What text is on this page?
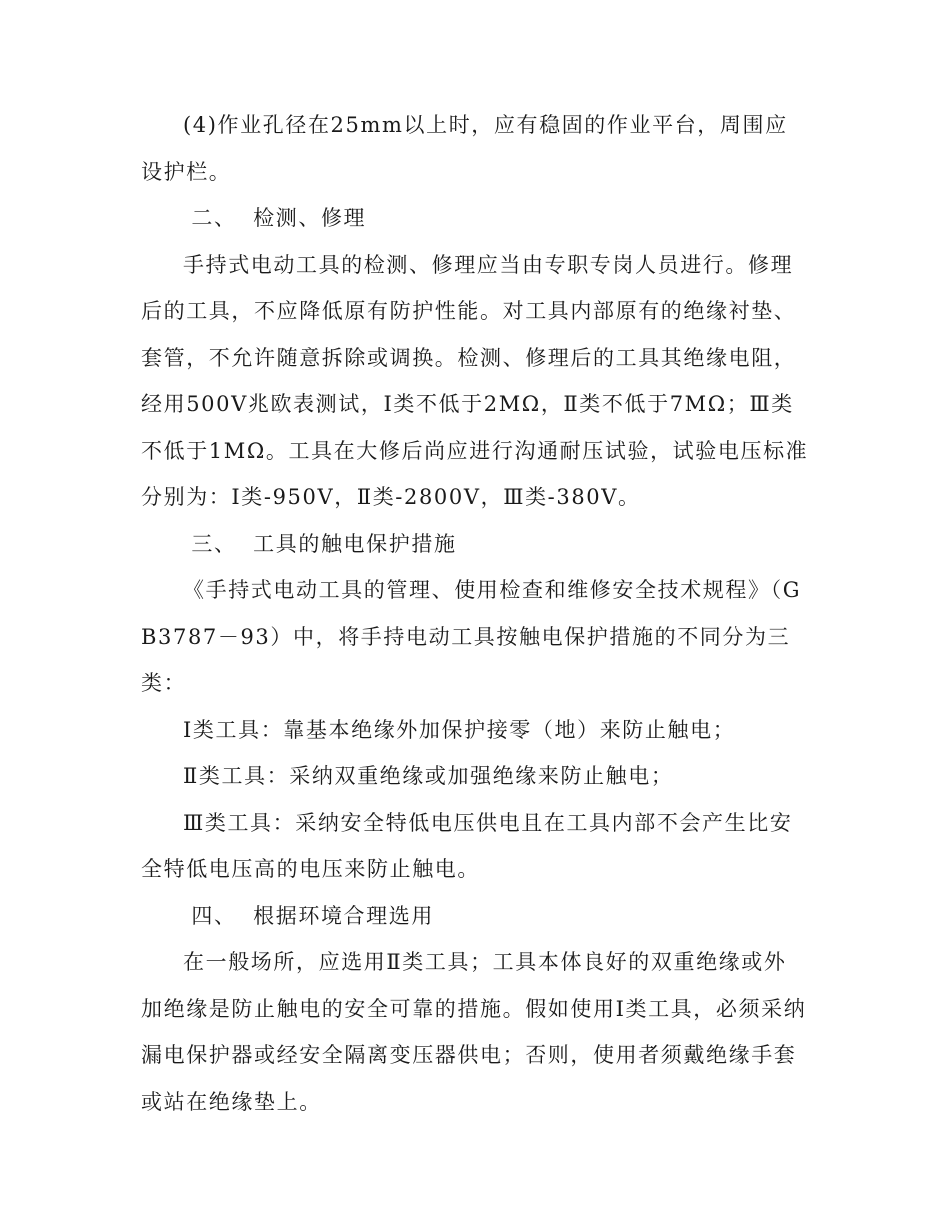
(4)作业孔径在25mm以上时，应有稳固的作业平台，周围应设护栏。

二、  检测、修理

手持式电动工具的检测、修理应当由专职专岗人员进行。修理后的工具，不应降低原有防护性能。对工具内部原有的绝缘衬垫、套管，不允许随意拆除或调换。检测、修理后的工具其绝缘电阻，经用500V兆欧表测试，Ⅰ类不低于2MΩ，Ⅱ类不低于7MΩ；Ⅲ类不低于1MΩ。工具在大修后尚应进行沟通耐压试验，试验电压标准分别为：Ⅰ类-950V，Ⅱ类-2800V，Ⅲ类-380V。

三、  工具的触电保护措施

《手持式电动工具的管理、使用检查和维修安全技术规程》（GB3787－93）中，将手持电动工具按触电保护措施的不同分为三类：

Ⅰ类工具：靠基本绝缘外加保护接零（地）来防止触电；

Ⅱ类工具：采纳双重绝缘或加强绝缘来防止触电；

Ⅲ类工具：采纳安全特低电压供电且在工具内部不会产生比安全特低电压高的电压来防止触电。

四、  根据环境合理选用

在一般场所，应选用Ⅱ类工具；工具本体良好的双重绝缘或外加绝缘是防止触电的安全可靠的措施。假如使用Ⅰ类工具，必须采纳漏电保护器或经安全隔离变压器供电；否则，使用者须戴绝缘手套或站在绝缘垫上。
